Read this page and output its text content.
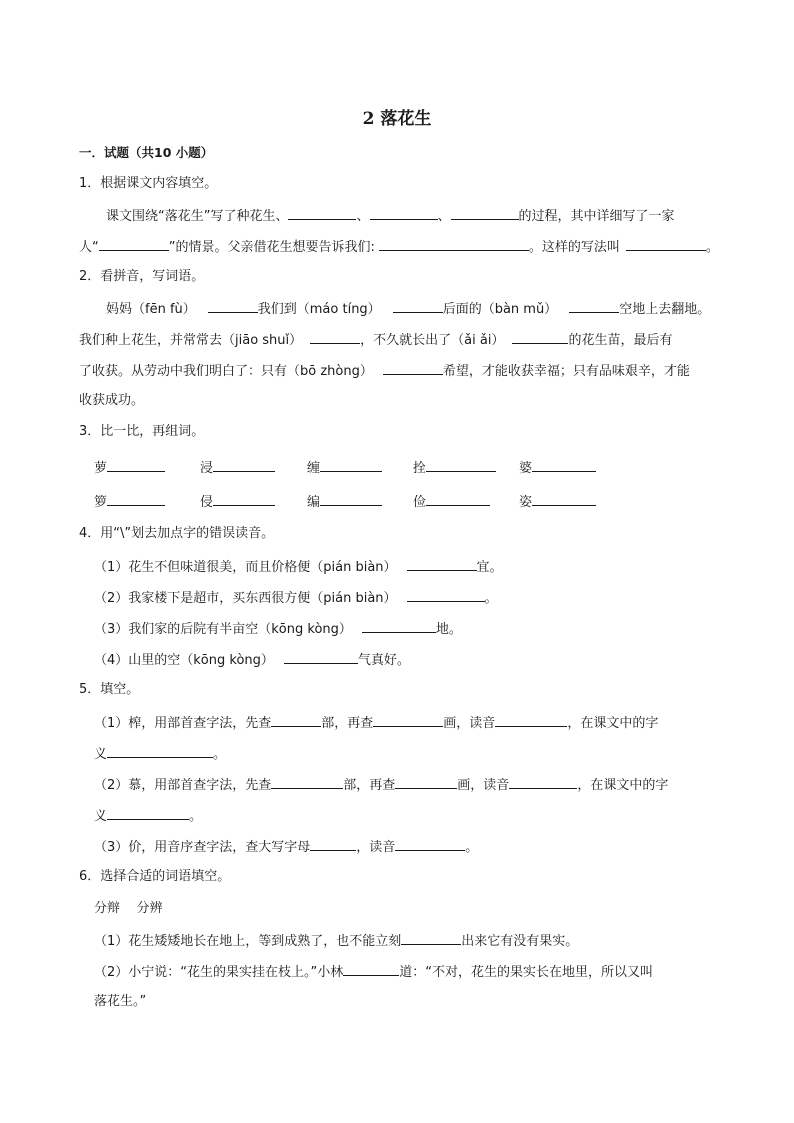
2 落花生
一．试题（共10 小题）
1．根据课文内容填空。
课文围绕“落花生”写了种花生、	、	、	的过程，其中详细写了一家
人“	”的情景。父亲借花生想要告诉我们:	。这样的写法叫	。
2．看拼音，写词语。
妈妈（fēn fù）	我们到（máo tíng）	后面的（bàn mǔ）	空地上去翻地。
我们种上花生，并常常去（jiāo shuǐ）	，不久就长出了（ǎi ǎi）	的花生苗，最后有
了收获。从劳动中我们明白了：只有（bō zhòng）	希望，才能收获幸福；只有品味艰辛，才能
收获成功。
3．比一比，再组词。
萝	浸	缠	拴	婆
箩	侵	编	俭	姿
4．用“\”划去加点字的错误读音。
（1）花生不但味道很美，而且价格便（pián biàn）	宜。
（2）我家楼下是超市，买东西很方便（pián biàn）	。
（3）我们家的后院有半亩空（kōng kòng）	地。
（4）山里的空（kōng kòng）	气真好。
5．填空。
（1）榨，用部首查字法，先查	部，再查	画，读音	，在课文中的字
义	。
（2）慕，用部首查字法，先查	部，再查	画，读音	，在课文中的字
义	。
（3）价，用音序查字法，查大写字母	，读音	。
6．选择合适的词语填空。
分辩    分辨
（1）花生矮矮地长在地上，等到成熟了，也不能立刻	出来它有没有果实。
（2）小宁说：“花生的果实挂在枝上。”小林	道：“不对，花生的果实长在地里，所以又叫
落花生。”
